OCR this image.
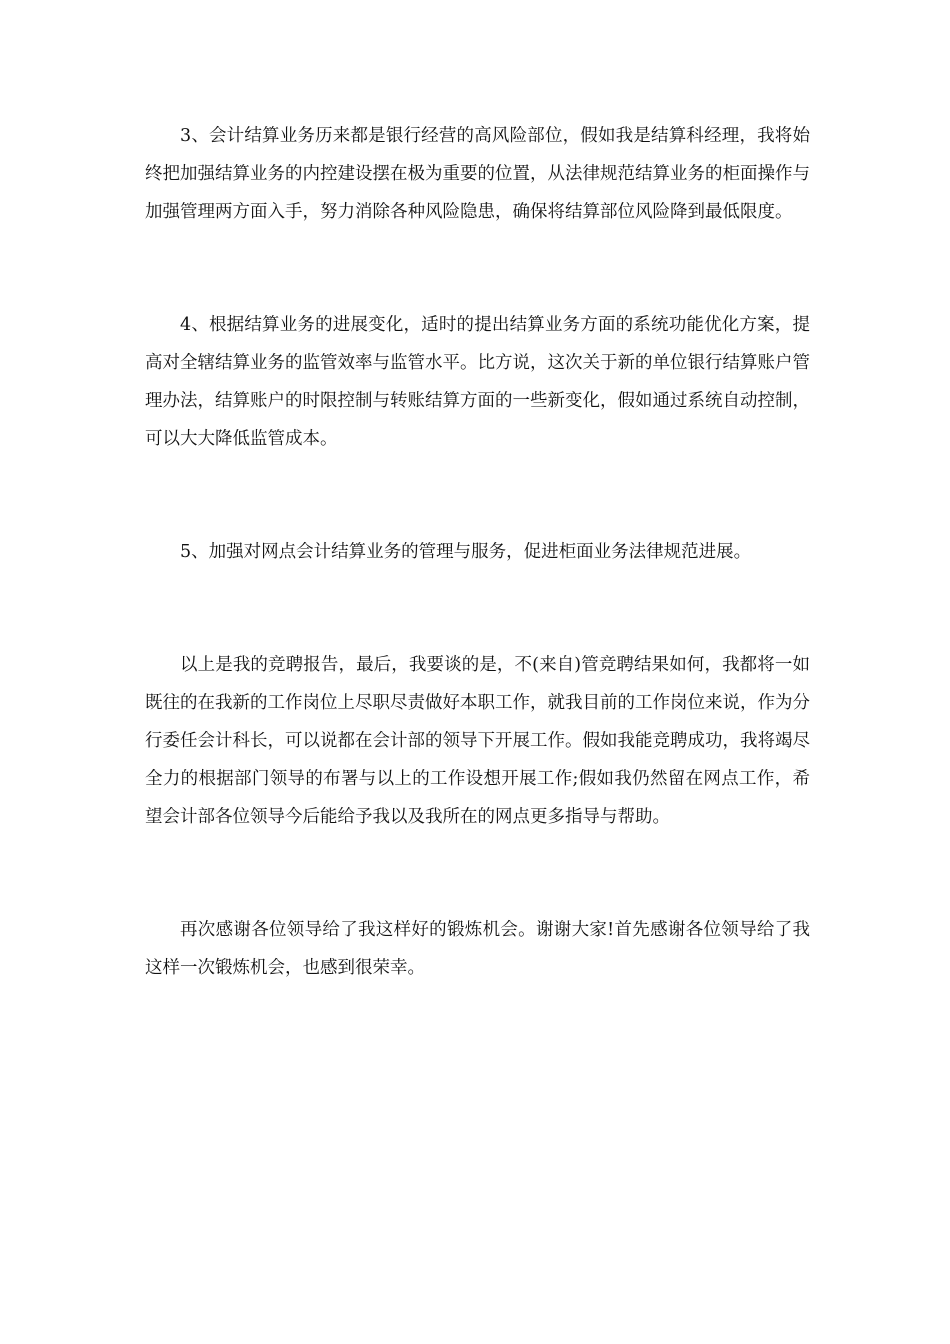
3、会计结算业务历来都是银行经营的高风险部位，假如我是结算科经理，我将始终把加强结算业务的内控建设摆在极为重要的位置，从法律规范结算业务的柜面操作与加强管理两方面入手，努力消除各种风险隐患，确保将结算部位风险降到最低限度。

4、根据结算业务的进展变化，适时的提出结算业务方面的系统功能优化方案，提高对全辖结算业务的监管效率与监管水平。比方说，这次关于新的单位银行结算账户管理办法，结算账户的时限控制与转账结算方面的一些新变化，假如通过系统自动控制，可以大大降低监管成本。

5、加强对网点会计结算业务的管理与服务，促进柜面业务法律规范进展。

以上是我的竞聘报告，最后，我要谈的是，不(来自)管竞聘结果如何，我都将一如既往的在我新的工作岗位上尽职尽责做好本职工作，就我目前的工作岗位来说，作为分行委任会计科长，可以说都在会计部的领导下开展工作。假如我能竞聘成功，我将竭尽全力的根据部门领导的布署与以上的工作设想开展工作;假如我仍然留在网点工作，希望会计部各位领导今后能给予我以及我所在的网点更多指导与帮助。

再次感谢各位领导给了我这样好的锻炼机会。谢谢大家!首先感谢各位领导给了我这样一次锻炼机会，也感到很荣幸。
